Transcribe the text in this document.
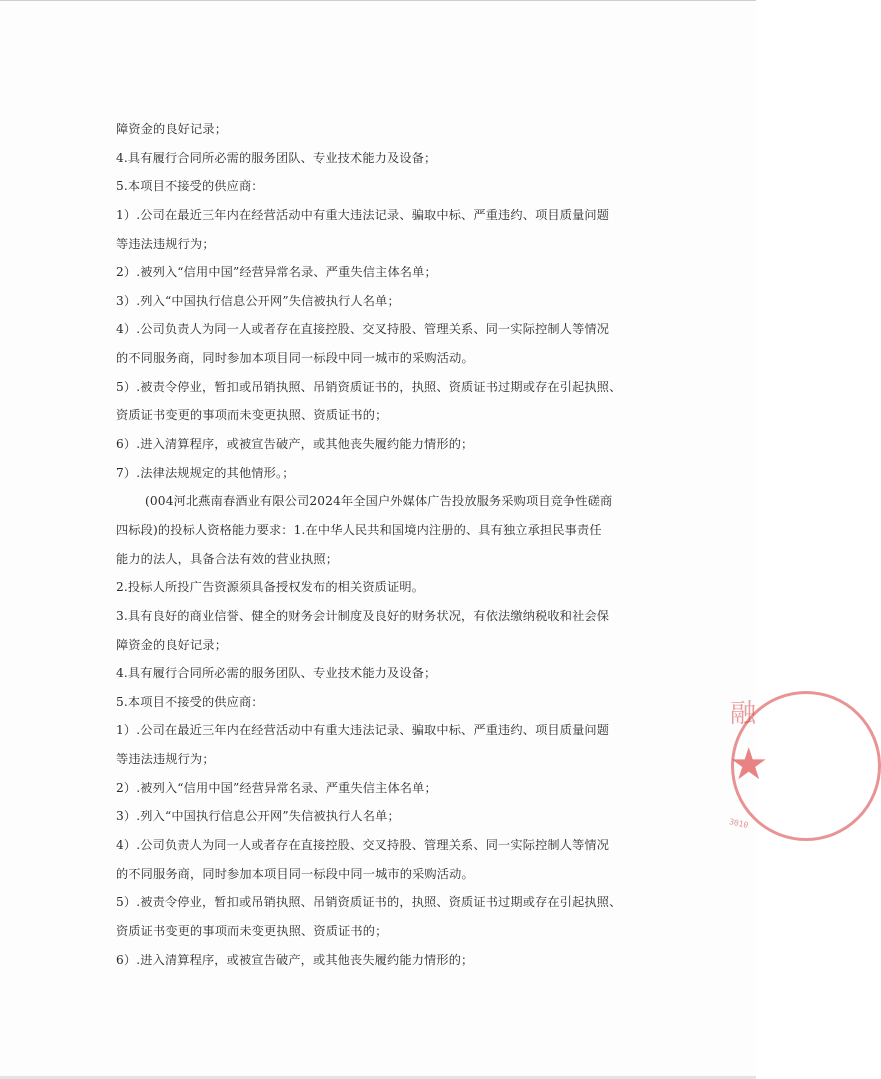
障资金的良好记录；
4.具有履行合同所必需的服务团队、专业技术能力及设备；
5.本项目不接受的供应商：
1）.公司在最近三年内在经营活动中有重大违法记录、骗取中标、严重违约、项目质量问题
等违法违规行为；
2）.被列入“信用中国”经营异常名录、严重失信主体名单；
3）.列入“中国执行信息公开网”失信被执行人名单；
4）.公司负责人为同一人或者存在直接控股、交叉持股、管理关系、同一实际控制人等情况
的不同服务商，同时参加本项目同一标段中同一城市的采购活动。
5）.被责令停业，暂扣或吊销执照、吊销资质证书的，执照、资质证书过期或存在引起执照、
资质证书变更的事项而未变更执照、资质证书的；
6）.进入清算程序，或被宣告破产，或其他丧失履约能力情形的；
7）.法律法规规定的其他情形。；
(004河北燕南春酒业有限公司2024年全国户外媒体广告投放服务采购项目竞争性磋商
四标段)的投标人资格能力要求：1.在中华人民共和国境内注册的、具有独立承担民事责任
能力的法人，具备合法有效的营业执照；
2.投标人所投广告资源须具备授权发布的相关资质证明。
3.具有良好的商业信誉、健全的财务会计制度及良好的财务状况，有依法缴纳税收和社会保
障资金的良好记录；
4.具有履行合同所必需的服务团队、专业技术能力及设备；
5.本项目不接受的供应商：
1）.公司在最近三年内在经营活动中有重大违法记录、骗取中标、严重违约、项目质量问题
等违法违规行为；
2）.被列入“信用中国”经营异常名录、严重失信主体名单；
3）.列入“中国执行信息公开网”失信被执行人名单；
4）.公司负责人为同一人或者存在直接控股、交叉持股、管理关系、同一实际控制人等情况
的不同服务商，同时参加本项目同一标段中同一城市的采购活动。
5）.被责令停业，暂扣或吊销执照、吊销资质证书的，执照、资质证书过期或存在引起执照、
资质证书变更的事项而未变更执照、资质证书的；
6）.进入清算程序，或被宣告破产，或其他丧失履约能力情形的；
融
★
3010
